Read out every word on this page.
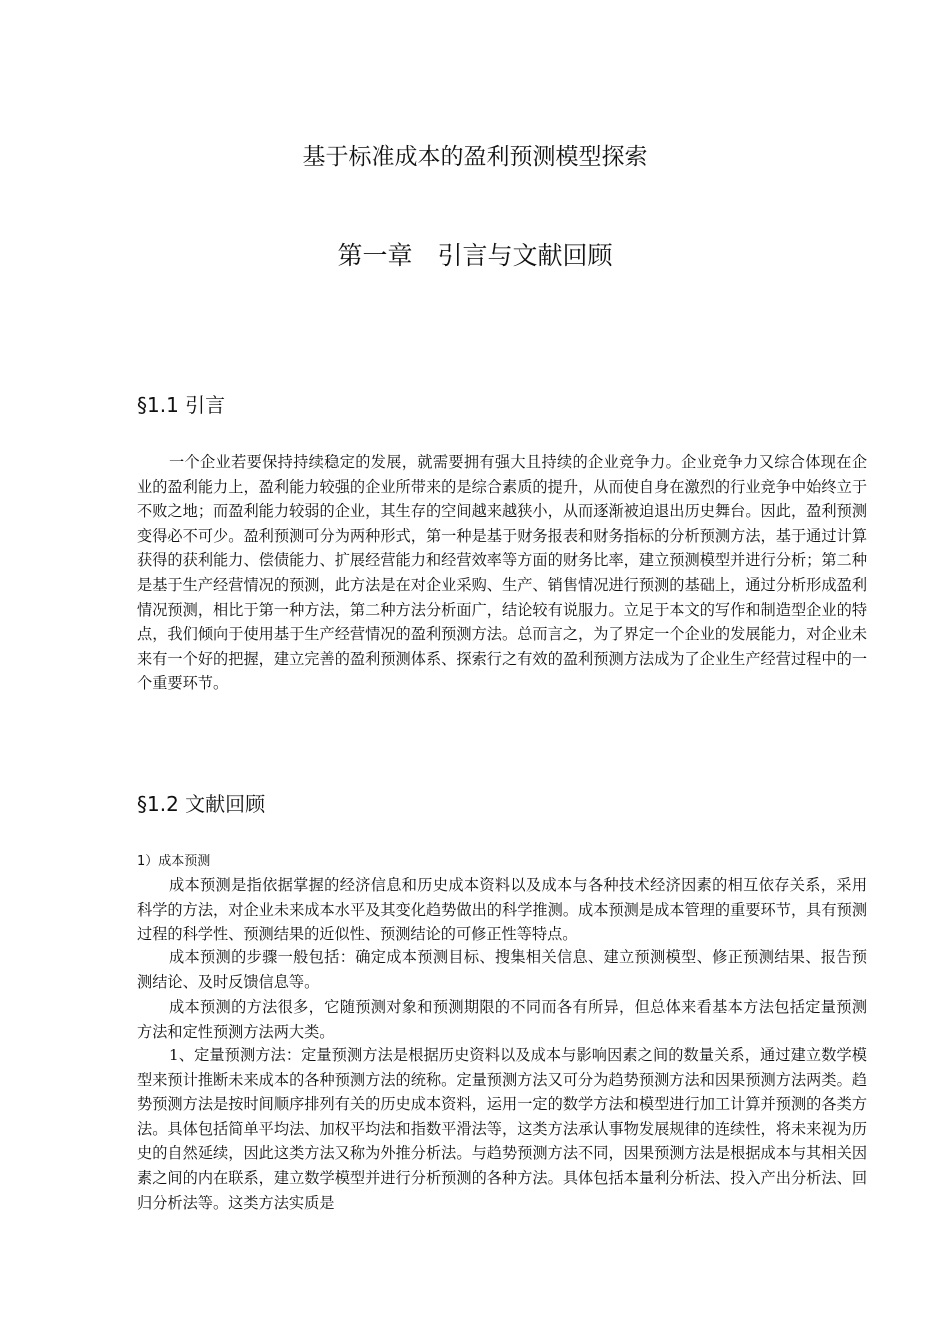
基于标准成本的盈利预测模型探索
第一章　引言与文献回顾
§1.1 引言

一个企业若要保持持续稳定的发展，就需要拥有强大且持续的企业竞争力。企业竞争力又综合体现在企业的盈利能力上，盈利能力较强的企业所带来的是综合素质的提升，从而使自身在激烈的行业竞争中始终立于不败之地；而盈利能力较弱的企业，其生存的空间越来越狭小，从而逐渐被迫退出历史舞台。因此，盈利预测变得必不可少。盈利预测可分为两种形式，第一种是基于财务报表和财务指标的分析预测方法，基于通过计算获得的获利能力、偿债能力、扩展经营能力和经营效率等方面的财务比率，建立预测模型并进行分析；第二种是基于生产经营情况的预测，此方法是在对企业采购、生产、销售情况进行预测的基础上，通过分析形成盈利情况预测，相比于第一种方法，第二种方法分析面广，结论较有说服力。立足于本文的写作和制造型企业的特点，我们倾向于使用基于生产经营情况的盈利预测方法。总而言之，为了界定一个企业的发展能力，对企业未来有一个好的把握，建立完善的盈利预测体系、探索行之有效的盈利预测方法成为了企业生产经营过程中的一个重要环节。

§1.2 文献回顾
1）成本预测

成本预测是指依据掌握的经济信息和历史成本资料以及成本与各种技术经济因素的相互依存关系，采用科学的方法，对企业未来成本水平及其变化趋势做出的科学推测。成本预测是成本管理的重要环节，具有预测过程的科学性、预测结果的近似性、预测结论的可修正性等特点。

成本预测的步骤一般包括：确定成本预测目标、搜集相关信息、建立预测模型、修正预测结果、报告预测结论、及时反馈信息等。

成本预测的方法很多，它随预测对象和预测期限的不同而各有所异，但总体来看基本方法包括定量预测方法和定性预测方法两大类。

1、定量预测方法：定量预测方法是根据历史资料以及成本与影响因素之间的数量关系，通过建立数学模型来预计推断未来成本的各种预测方法的统称。定量预测方法又可分为趋势预测方法和因果预测方法两类。趋势预测方法是按时间顺序排列有关的历史成本资料，运用一定的数学方法和模型进行加工计算并预测的各类方法。具体包括简单平均法、加权平均法和指数平滑法等，这类方法承认事物发展规律的连续性，将未来视为历史的自然延续，因此这类方法又称为外推分析法。与趋势预测方法不同，因果预测方法是根据成本与其相关因素之间的内在联系，建立数学模型并进行分析预测的各种方法。具体包括本量利分析法、投入产出分析法、回归分析法等。这类方法实质是
